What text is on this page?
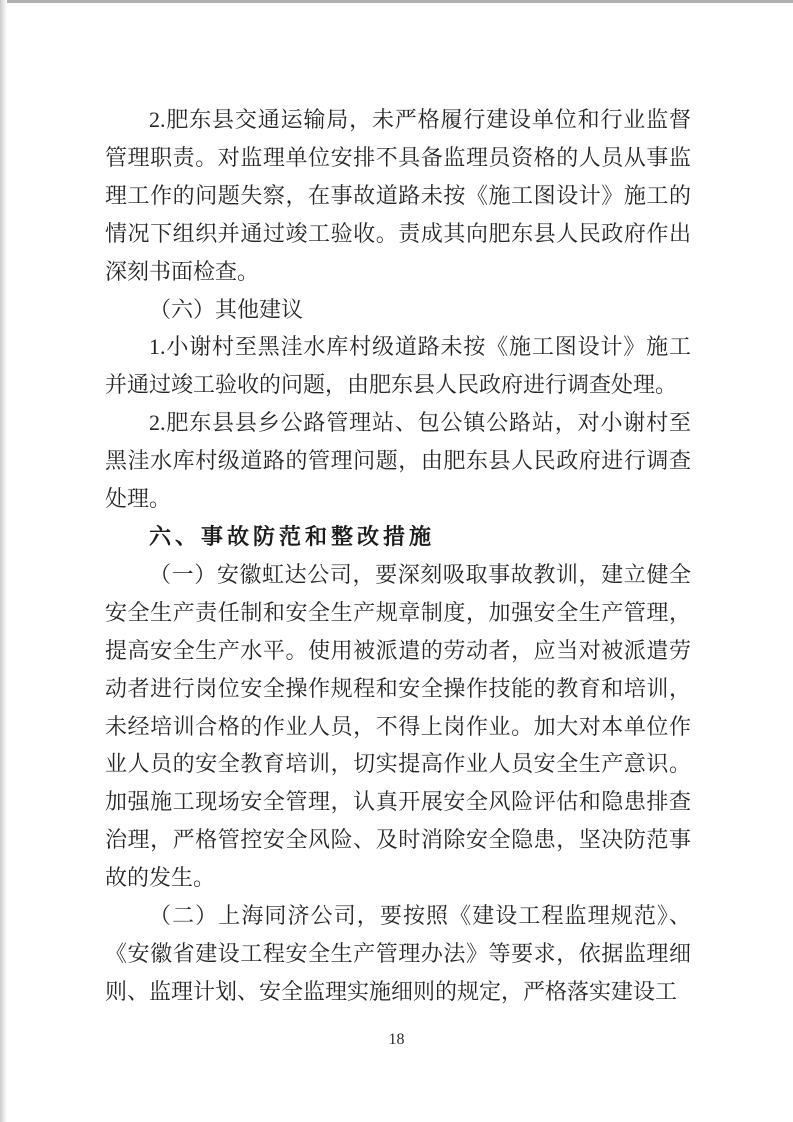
2.肥东县交通运输局，未严格履行建设单位和行业监督管理职责。对监理单位安排不具备监理员资格的人员从事监理工作的问题失察，在事故道路未按《施工图设计》施工的情况下组织并通过竣工验收。责成其向肥东县人民政府作出深刻书面检查。

（六）其他建议

1.小谢村至黑洼水库村级道路未按《施工图设计》施工并通过竣工验收的问题，由肥东县人民政府进行调查处理。

2.肥东县县乡公路管理站、包公镇公路站，对小谢村至黑洼水库村级道路的管理问题，由肥东县人民政府进行调查处理。

六、事故防范和整改措施

（一）安徽虹达公司，要深刻吸取事故教训，建立健全安全生产责任制和安全生产规章制度，加强安全生产管理，提高安全生产水平。使用被派遣的劳动者，应当对被派遣劳动者进行岗位安全操作规程和安全操作技能的教育和培训，未经培训合格的作业人员，不得上岗作业。加大对本单位作业人员的安全教育培训，切实提高作业人员安全生产意识。加强施工现场安全管理，认真开展安全风险评估和隐患排查治理，严格管控安全风险、及时消除安全隐患，坚决防范事故的发生。

（二）上海同济公司，要按照《建设工程监理规范》、《安徽省建设工程安全生产管理办法》等要求，依据监理细则、监理计划、安全监理实施细则的规定，严格落实建设工

18
